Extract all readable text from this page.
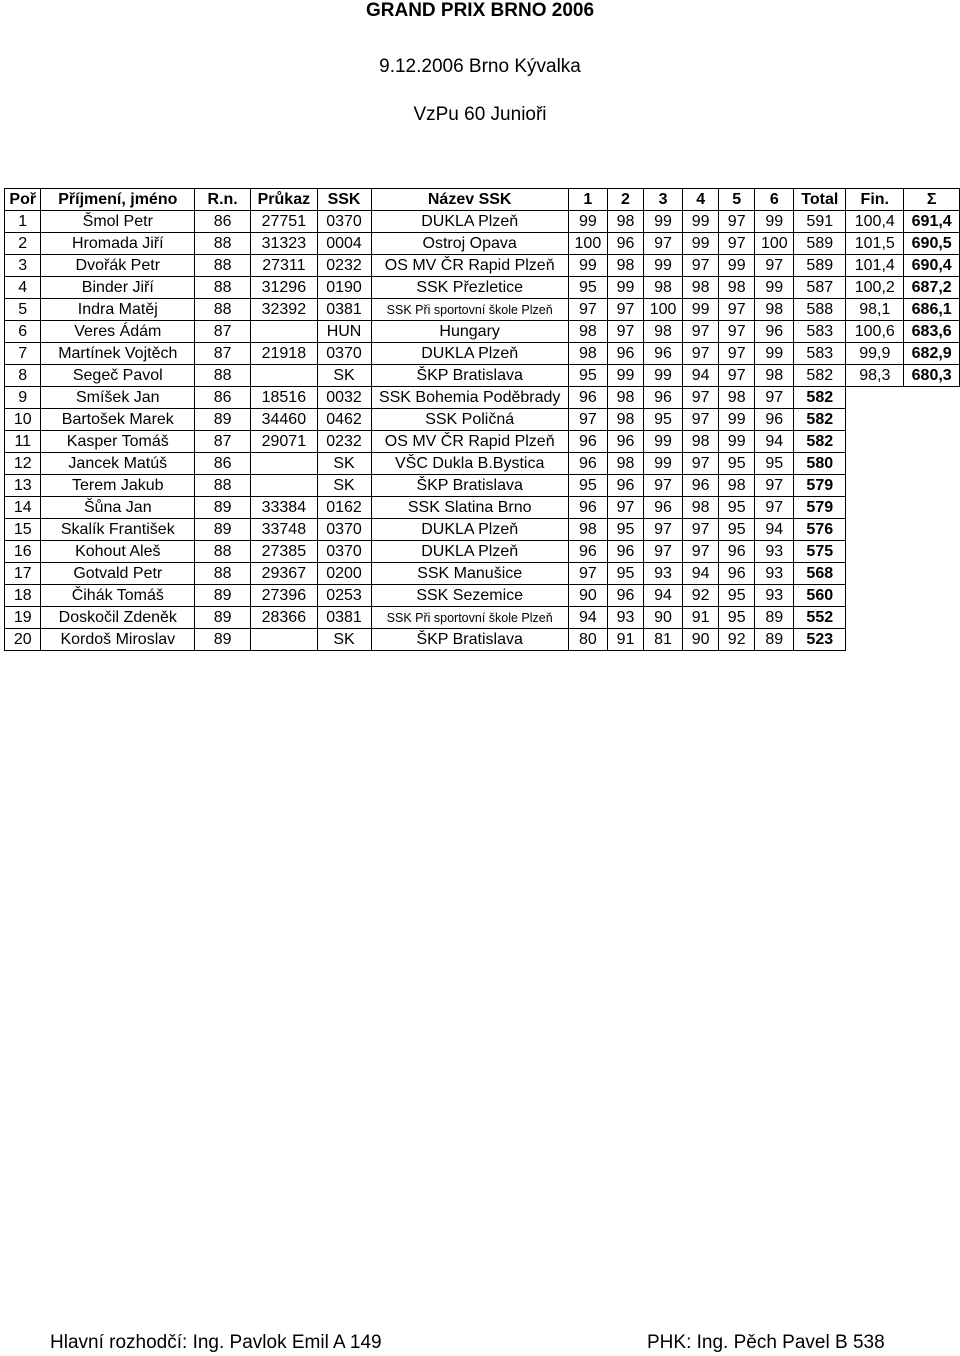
GRAND PRIX BRNO 2006
9.12.2006 Brno Kývalka
VzPu 60 Junioři
Poř	Příjmení, jméno	R.n.	Průkaz	SSK	Název SSK	1	2	3	4	5	6	Total	Fin.	Σ
1	Šmol Petr	86	27751	0370	DUKLA Plzeň	99	98	99	99	97	99	591	100,4	691,4
2	Hromada Jiří	88	31323	0004	Ostroj Opava	100	96	97	99	97	100	589	101,5	690,5
3	Dvořák Petr	88	27311	0232	OS MV ČR Rapid Plzeň	99	98	99	97	99	97	589	101,4	690,4
4	Binder Jiří	88	31296	0190	SSK Přezletice	95	99	98	98	98	99	587	100,2	687,2
5	Indra Matěj	88	32392	0381	SSK Při sportovní škole Plzeň	97	97	100	99	97	98	588	98,1	686,1
6	Veres Ádám	87		HUN	Hungary	98	97	98	97	97	96	583	100,6	683,6
7	Martínek Vojtěch	87	21918	0370	DUKLA Plzeň	98	96	96	97	97	99	583	99,9	682,9
8	Segeč Pavol	88		SK	ŠKP Bratislava	95	99	99	94	97	98	582	98,3	680,3
9	Smíšek Jan	86	18516	0032	SSK Bohemia Poděbrady	96	98	96	97	98	97	582		
10	Bartošek Marek	89	34460	0462	SSK Poličná	97	98	95	97	99	96	582		
11	Kasper Tomáš	87	29071	0232	OS MV ČR Rapid Plzeň	96	96	99	98	99	94	582		
12	Jancek Matúš	86		SK	VŠC Dukla B.Bystica	96	98	99	97	95	95	580		
13	Terem Jakub	88		SK	ŠKP Bratislava	95	96	97	96	98	97	579		
14	Šůna Jan	89	33384	0162	SSK Slatina Brno	96	97	96	98	95	97	579		
15	Skalík František	89	33748	0370	DUKLA Plzeň	98	95	97	97	95	94	576		
16	Kohout Aleš	88	27385	0370	DUKLA Plzeň	96	96	97	97	96	93	575		
17	Gotvald Petr	88	29367	0200	SSK Manušice	97	95	93	94	96	93	568		
18	Čihák Tomáš	89	27396	0253	SSK Sezemice	90	96	94	92	95	93	560		
19	Doskočil Zdeněk	89	28366	0381	SSK Při sportovní škole Plzeň	94	93	90	91	95	89	552		
20	Kordoš Miroslav	89		SK	ŠKP Bratislava	80	91	81	90	92	89	523		
Hlavní rozhodčí: Ing. Pavlok Emil A 149	PHK: Ing. Pěch Pavel B 538
